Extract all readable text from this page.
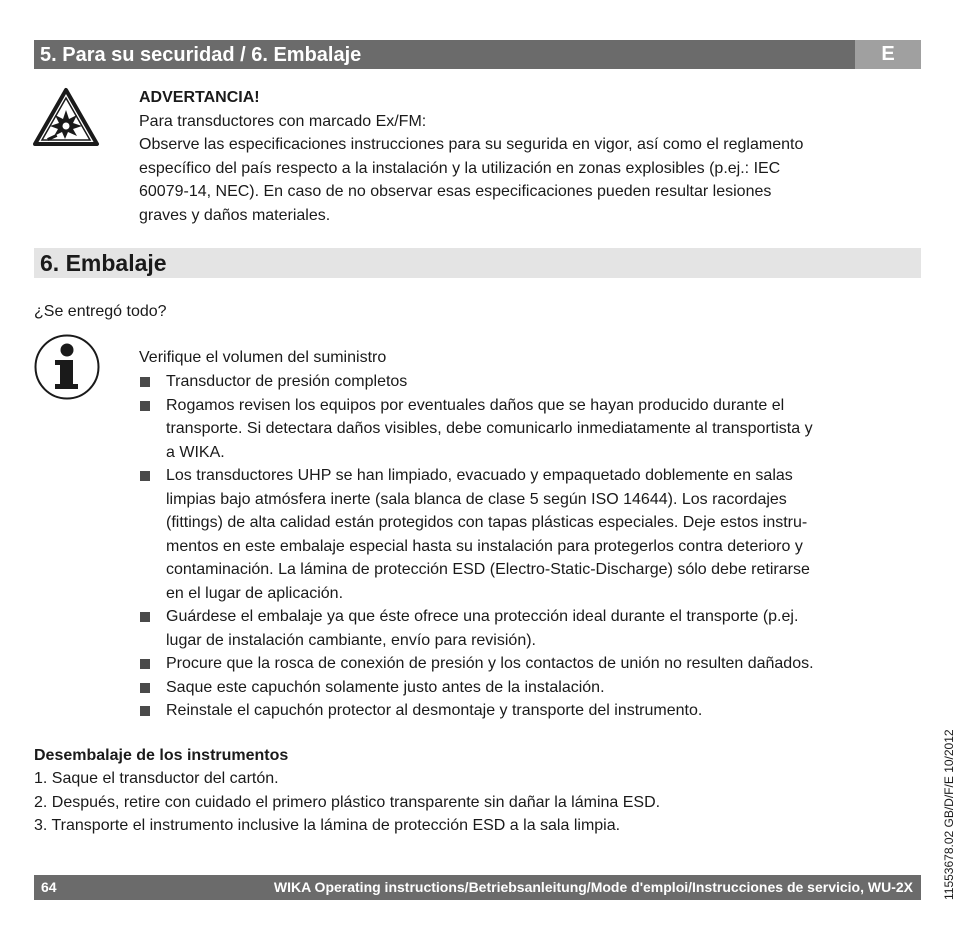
5. Para su securidad / 6. Embalaje	E
ADVERTANCIA!
Para transductores con marcado Ex/FM:
Observe las especificaciones instrucciones para su segurida en vigor, así como el reglamento
específico del país respecto a la instalación y la utilización en zonas explosibles (p.ej.: IEC
60079-14, NEC). En caso de no observar esas especificaciones pueden resultar lesiones
graves y daños materiales.
6. Embalaje
¿Se entregó todo?
Verifique el volumen del suministro
Transductor de presión completos
Rogamos revisen los equipos por eventuales daños que se hayan producido durante el
transporte. Si detectara daños visibles, debe comunicarlo inmediatamente al transportista y
a WIKA.
Los transductores UHP se han limpiado, evacuado y empaquetado doblemente en salas
limpias bajo atmósfera inerte (sala blanca de clase 5 según ISO 14644). Los racordajes
(fittings) de alta calidad están protegidos con tapas plásticas especiales. Deje estos instru-
mentos en este embalaje especial hasta su instalación para protegerlos contra deterioro y
contaminación. La lámina de protección ESD (Electro-Static-Discharge) sólo debe retirarse
en el lugar de aplicación.
Guárdese el embalaje ya que éste ofrece una protección ideal durante el transporte (p.ej.
lugar de instalación cambiante, envío para revisión).
Procure que la rosca de conexión de presión y los contactos de unión no resulten dañados.
Saque este capuchón solamente justo antes de la instalación.
Reinstale el capuchón protector al desmontaje y transporte del instrumento.
Desembalaje de los instrumentos
1. Saque el transductor del cartón.
2. Después, retire con cuidado el primero plástico transparente sin dañar la lámina ESD.
3. Transporte el instrumento inclusive la lámina de protección ESD a la sala limpia.
64	WIKA Operating instructions/Betriebsanleitung/Mode d'emploi/Instrucciones de servicio, WU-2X 11553678.02 GB/D/F/E 10/2012
